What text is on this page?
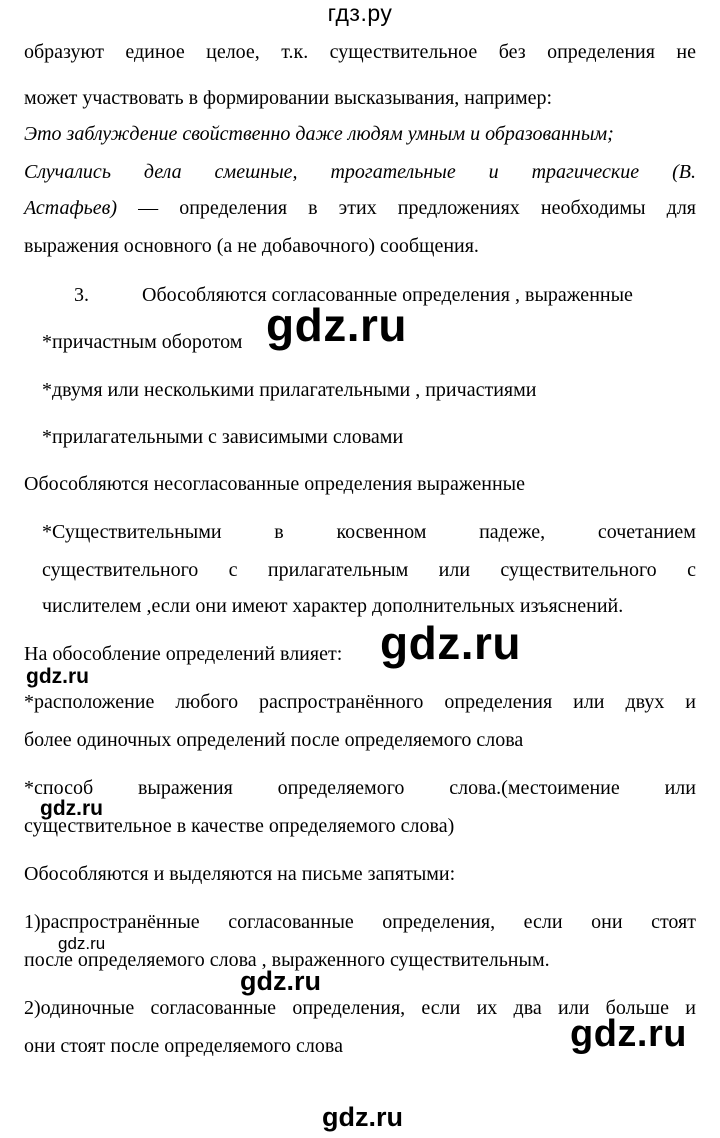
гдз.ру
образуют единое целое, т.к. существительное без определения не
может участвовать в формировании высказывания, например:
Это заблуждение свойственно даже людям умным и образованным;
Случались дела смешные, трогательные и трагические (В.
Астафьев) — определения в этих предложениях необходимы для
выражения основного (а не добавочного) сообщения.
3.	Обособляются согласованные определения , выраженные
*причастным оборотом
*двумя или несколькими прилагательными , причастиями
*прилагательными с зависимыми словами
Обособляются несогласованные определения выраженные
*Существительными	в	косвенном	падеже,	сочетанием
существительного с прилагательным или существительного с
числителем ,если они имеют характер дополнительных изъяснений.
На обособление определений влияет:
*расположение любого распространённого определения или двух и
более одиночных определений после определяемого слова
*способ выражения определяемого слова.(местоимение или
существительное в качестве определяемого слова)
Обособляются и выделяются на письме запятыми:
1)распространённые согласованные определения, если они стоят
после определяемого слова , выраженного существительным.
2)одиночные согласованные определения, если их два или больше и
они стоят после определяемого слова
gdz.ru
gdz.ru
gdz.ru
gdz.ru
gdz.ru
gdz.ru
gdz.ru
gdz.ru
